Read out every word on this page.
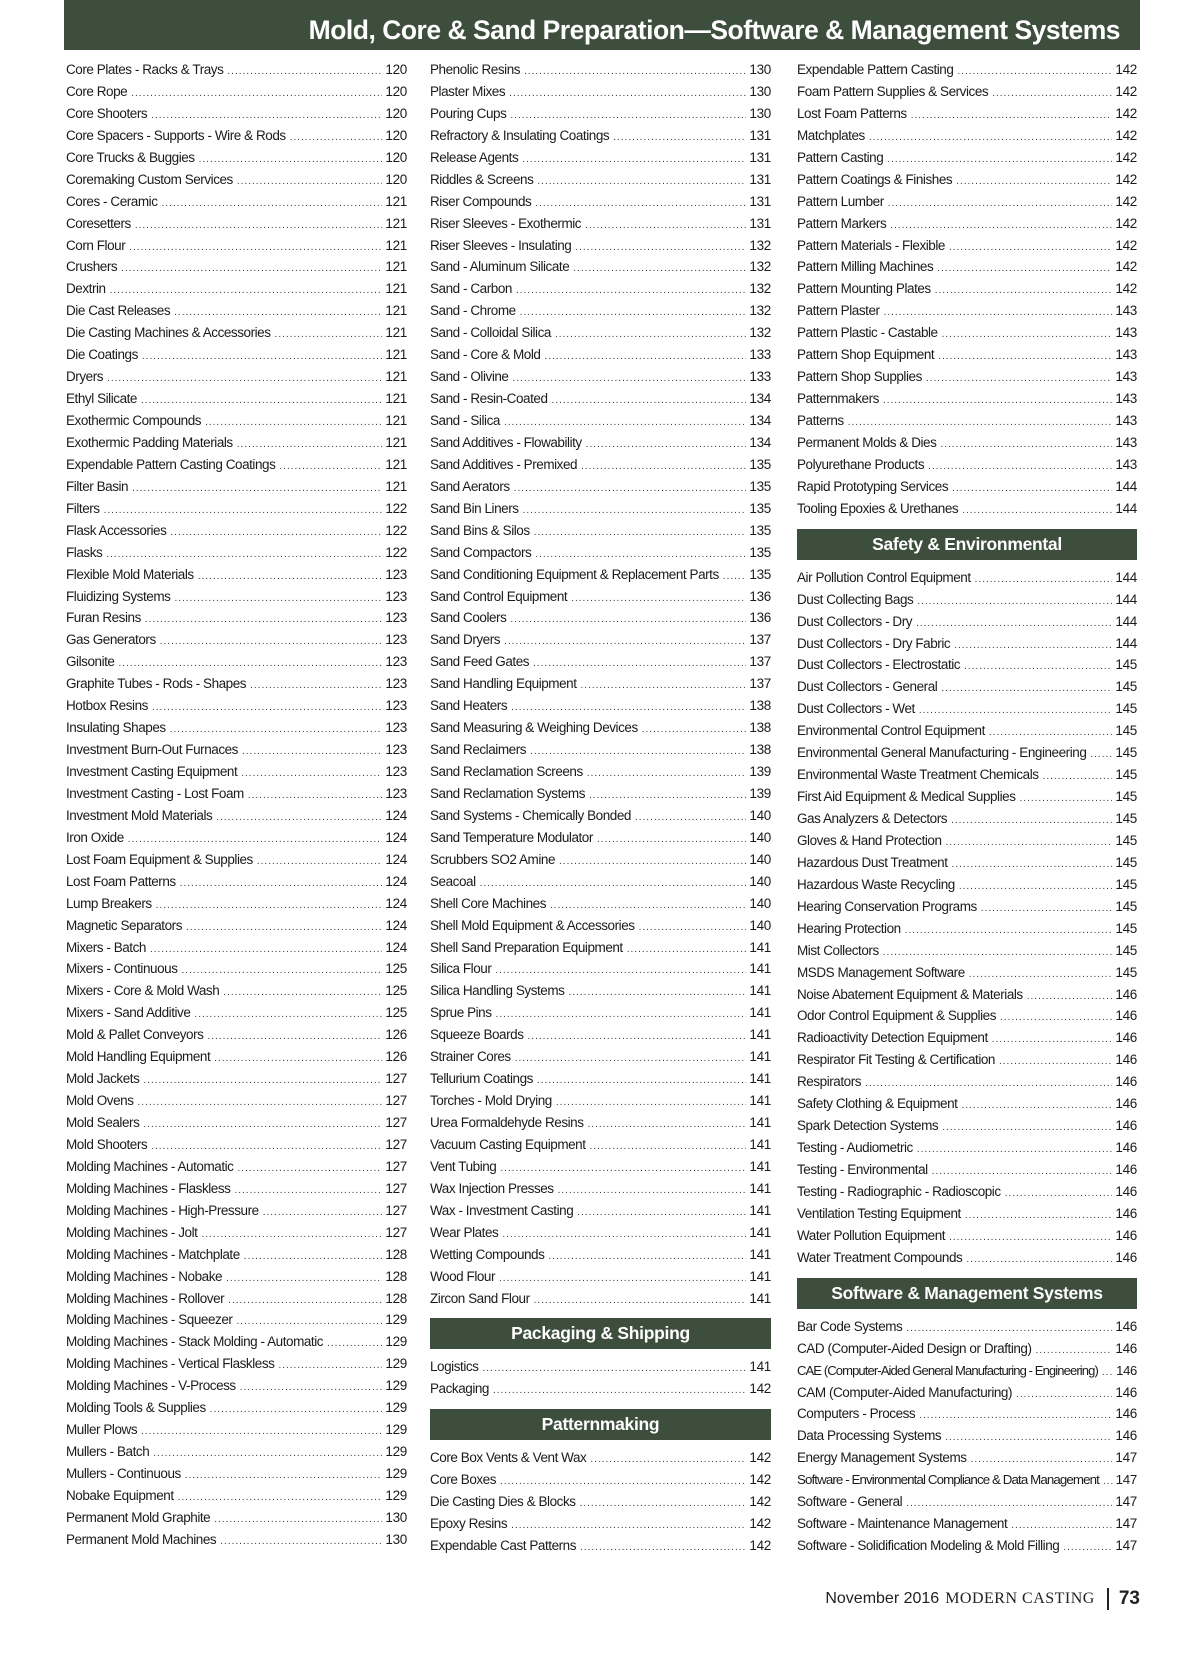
Mold, Core & Sand Preparation—Software & Management Systems
Core Plates - Racks & Trays .....	120
Core Rope .....	120
Core Shooters .....	120
Core Spacers - Supports - Wire & Rods .....	120
Core Trucks & Buggies .....	120
Coremaking Custom Services .....	120
Cores - Ceramic .....	121
Coresetters .....	121
Corn Flour .....	121
Crushers .....	121
Dextrin .....	121
Die Cast Releases .....	121
Die Casting Machines & Accessories .....	121
Die Coatings .....	121
Dryers .....	121
Ethyl Silicate .....	121
Exothermic Compounds .....	121
Exothermic Padding Materials .....	121
Expendable Pattern Casting Coatings .....	121
Filter Basin .....	121
Filters .....	122
Flask Accessories .....	122
Flasks .....	122
Flexible Mold Materials .....	123
Fluidizing Systems .....	123
Furan Resins .....	123
Gas Generators .....	123
Gilsonite .....	123
Graphite Tubes - Rods - Shapes .....	123
Hotbox Resins .....	123
Insulating Shapes .....	123
Investment Burn-Out Furnaces .....	123
Investment Casting Equipment .....	123
Investment Casting - Lost Foam .....	123
Investment Mold Materials .....	124
Iron Oxide .....	124
Lost Foam Equipment & Supplies .....	124
Lost Foam Patterns .....	124
Lump Breakers .....	124
Magnetic Separators .....	124
Mixers - Batch .....	124
Mixers - Continuous .....	125
Mixers - Core & Mold Wash .....	125
Mixers - Sand Additive .....	125
Mold & Pallet Conveyors .....	126
Mold Handling Equipment .....	126
Mold Jackets .....	127
Mold Ovens .....	127
Mold Sealers .....	127
Mold Shooters .....	127
Molding Machines - Automatic .....	127
Molding Machines - Flaskless .....	127
Molding Machines - High-Pressure .....	127
Molding Machines - Jolt .....	127
Molding Machines - Matchplate .....	128
Molding Machines - Nobake .....	128
Molding Machines - Rollover .....	128
Molding Machines - Squeezer .....	129
Molding Machines - Stack Molding - Automatic .....	129
Molding Machines - Vertical Flaskless .....	129
Molding Machines - V-Process .....	129
Molding Tools & Supplies .....	129
Muller Plows .....	129
Mullers - Batch .....	129
Mullers - Continuous .....	129
Nobake Equipment .....	129
Permanent Mold Graphite .....	130
Permanent Mold Machines .....	130
Phenolic Resins .....	130
Plaster Mixes .....	130
Pouring Cups .....	130
Refractory & Insulating Coatings .....	131
Release Agents .....	131
Riddles & Screens .....	131
Riser Compounds .....	131
Riser Sleeves - Exothermic .....	131
Riser Sleeves - Insulating .....	132
Sand - Aluminum Silicate .....	132
Sand - Carbon .....	132
Sand - Chrome .....	132
Sand - Colloidal Silica .....	132
Sand - Core & Mold .....	133
Sand - Olivine .....	133
Sand - Resin-Coated .....	134
Sand - Silica .....	134
Sand Additives - Flowability .....	134
Sand Additives - Premixed .....	135
Sand Aerators .....	135
Sand Bin Liners .....	135
Sand Bins & Silos .....	135
Sand Compactors .....	135
Sand Conditioning Equipment & Replacement Parts ..... 135
Sand Control Equipment .....	136
Sand Coolers .....	136
Sand Dryers .....	137
Sand Feed Gates .....	137
Sand Handling Equipment .....	137
Sand Heaters .....	138
Sand Measuring & Weighing Devices .....	138
Sand Reclaimers .....	138
Sand Reclamation Screens .....	139
Sand Reclamation Systems .....	139
Sand Systems - Chemically Bonded .....	140
Sand Temperature Modulator .....	140
Scrubbers SO2 Amine .....	140
Seacoal .....	140
Shell Core Machines .....	140
Shell Mold Equipment & Accessories .....	140
Shell Sand Preparation Equipment .....	141
Silica Flour .....	141
Silica Handling Systems .....	141
Sprue Pins .....	141
Squeeze Boards .....	141
Strainer Cores .....	141
Tellurium Coatings .....	141
Torches - Mold Drying .....	141
Urea Formaldehyde Resins .....	141
Vacuum Casting Equipment .....	141
Vent Tubing .....	141
Wax Injection Presses .....	141
Wax - Investment Casting .....	141
Wear Plates .....	141
Wetting Compounds .....	141
Wood Flour .....	141
Zircon Sand Flour .....	141
Packaging & Shipping
Logistics .....	141
Packaging .....	142
Patternmaking
Core Box Vents & Vent Wax .....	142
Core Boxes .....	142
Die Casting Dies & Blocks .....	142
Epoxy Resins .....	142
Expendable Cast Patterns .....	142
Expendable Pattern Casting .....	142
Foam Pattern Supplies & Services .....	142
Lost Foam Patterns .....	142
Matchplates .....	142
Pattern Casting .....	142
Pattern Coatings & Finishes .....	142
Pattern Lumber .....	142
Pattern Markers .....	142
Pattern Materials - Flexible .....	142
Pattern Milling Machines .....	142
Pattern Mounting Plates .....	142
Pattern Plaster .....	143
Pattern Plastic - Castable .....	143
Pattern Shop Equipment .....	143
Pattern Shop Supplies .....	143
Patternmakers .....	143
Patterns .....	143
Permanent Molds & Dies .....	143
Polyurethane Products .....	143
Rapid Prototyping Services .....	144
Tooling Epoxies & Urethanes .....	144
Safety & Environmental
Air Pollution Control Equipment .....	144
Dust Collecting Bags .....	144
Dust Collectors - Dry .....	144
Dust Collectors - Dry Fabric .....	144
Dust Collectors - Electrostatic .....	145
Dust Collectors - General .....	145
Dust Collectors - Wet .....	145
Environmental Control Equipment .....	145
Environmental General Manufacturing - Engineering ..... 145
Environmental Waste Treatment Chemicals .....	145
First Aid Equipment & Medical Supplies .....	145
Gas Analyzers & Detectors .....	145
Gloves & Hand Protection .....	145
Hazardous Dust Treatment .....	145
Hazardous Waste Recycling .....	145
Hearing Conservation Programs .....	145
Hearing Protection .....	145
Mist Collectors .....	145
MSDS Management Software .....	145
Noise Abatement Equipment & Materials .....	146
Odor Control Equipment & Supplies .....	146
Radioactivity Detection Equipment .....	146
Respirator Fit Testing & Certification .....	146
Respirators .....	146
Safety Clothing & Equipment .....	146
Spark Detection Systems .....	146
Testing - Audiometric .....	146
Testing - Environmental .....	146
Testing - Radiographic - Radioscopic .....	146
Ventilation Testing Equipment .....	146
Water Pollution Equipment .....	146
Water Treatment Compounds .....	146
Software & Management Systems
Bar Code Systems .....	146
CAD (Computer-Aided Design or Drafting) .....	146
CAE (Computer-Aided General Manufacturing - Engineering) ..... 146
CAM (Computer-Aided Manufacturing) .....	146
Computers - Process .....	146
Data Processing Systems .....	146
Energy Management Systems .....	147
Software - Environmental Compliance & Data Management ..... 147
Software - General .....	147
Software - Maintenance Management .....	147
Software - Solidification Modeling & Mold Filling .....	147
November 2016 MODERN CASTING 73
